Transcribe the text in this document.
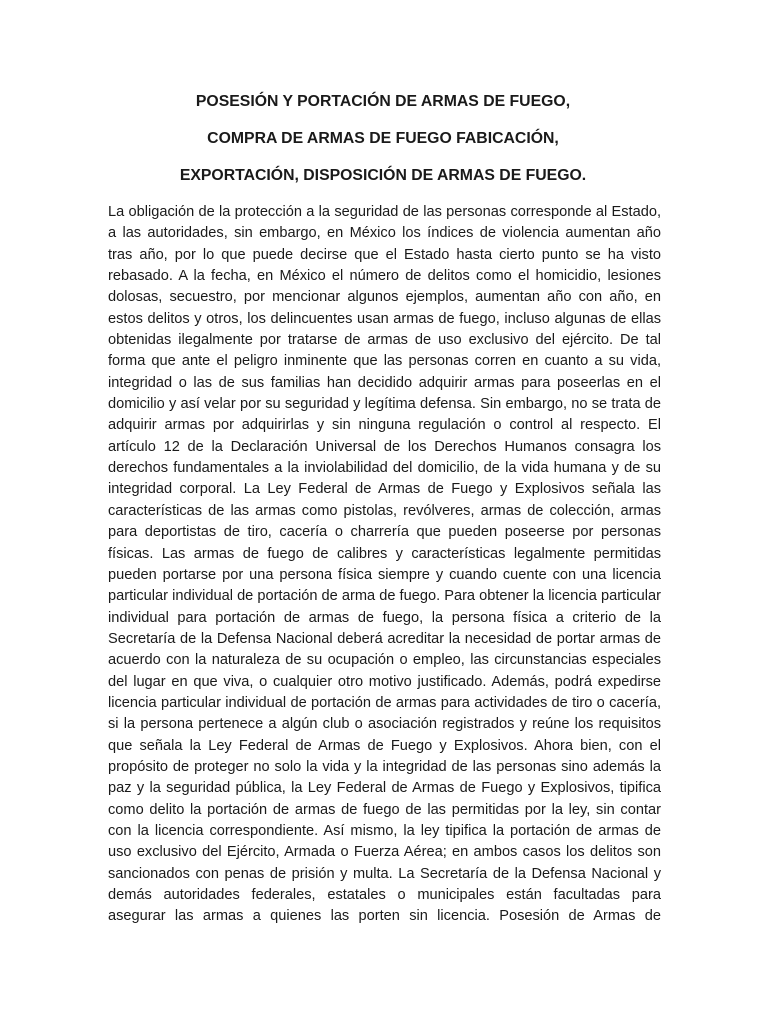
POSESIÓN Y PORTACIÓN DE ARMAS DE FUEGO,
COMPRA DE ARMAS DE FUEGO FABICACIÓN,
EXPORTACIÓN, DISPOSICIÓN DE ARMAS DE FUEGO.

La obligación de la protección a la seguridad de las personas corresponde al Estado, a las autoridades, sin embargo, en México los índices de violencia aumentan año tras año, por lo que puede decirse que el Estado hasta cierto punto se ha visto rebasado. A la fecha, en México el número de delitos como el homicidio, lesiones dolosas, secuestro, por mencionar algunos ejemplos, aumentan año con año, en estos delitos y otros, los delincuentes usan armas de fuego, incluso algunas de ellas obtenidas ilegalmente por tratarse de armas de uso exclusivo del ejército. De tal forma que ante el peligro inminente que las personas corren en cuanto a su vida, integridad o las de sus familias han decidido adquirir armas para poseerlas en el domicilio y así velar por su seguridad y legítima defensa. Sin embargo, no se trata de adquirir armas por adquirirlas y sin ninguna regulación o control al respecto. El artículo 12 de la Declaración Universal de los Derechos Humanos consagra los derechos fundamentales a la inviolabilidad del domicilio, de la vida humana y de su integridad corporal. La Ley Federal de Armas de Fuego y Explosivos señala las características de las armas como pistolas, revólveres, armas de colección, armas para deportistas de tiro, cacería o charrería que pueden poseerse por personas físicas. Las armas de fuego de calibres y características legalmente permitidas pueden portarse por una persona física siempre y cuando cuente con una licencia particular individual de portación de arma de fuego. Para obtener la licencia particular individual para portación de armas de fuego, la persona física a criterio de la Secretaría de la Defensa Nacional deberá acreditar la necesidad de portar armas de acuerdo con la naturaleza de su ocupación o empleo, las circunstancias especiales del lugar en que viva, o cualquier otro motivo justificado. Además, podrá expedirse licencia particular individual de portación de armas para actividades de tiro o cacería, si la persona pertenece a algún club o asociación registrados y reúne los requisitos que señala la Ley Federal de Armas de Fuego y Explosivos. Ahora bien, con el propósito de proteger no solo la vida y la integridad de las personas sino además la paz y la seguridad pública, la Ley Federal de Armas de Fuego y Explosivos, tipifica como delito la portación de armas de fuego de las permitidas por la ley, sin contar con la licencia correspondiente. Así mismo, la ley tipifica la portación de armas de uso exclusivo del Ejército, Armada o Fuerza Aérea; en ambos casos los delitos son sancionados con penas de prisión y multa. La Secretaría de la Defensa Nacional y demás autoridades federales, estatales o municipales están facultadas para asegurar las armas a quienes las porten sin licencia. Posesión de Armas de
